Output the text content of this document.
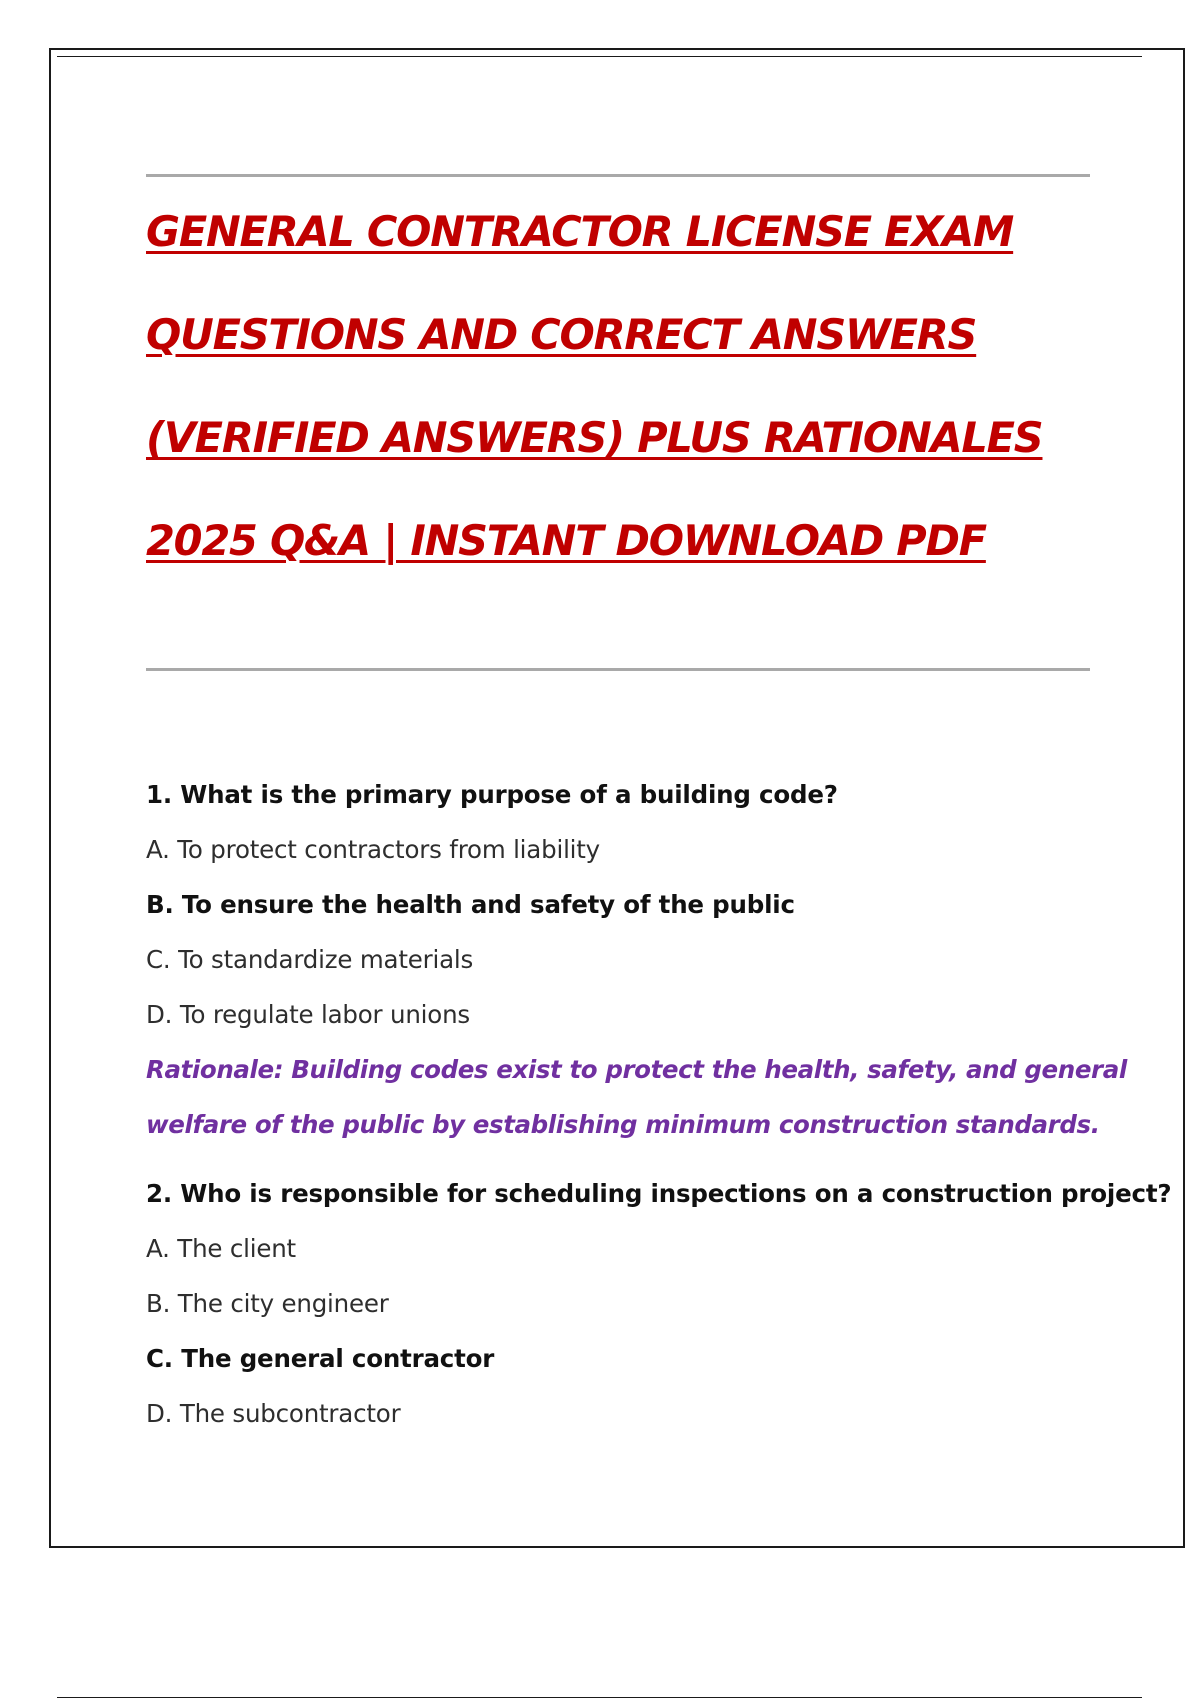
GENERAL CONTRACTOR LICENSE EXAM
QUESTIONS AND CORRECT ANSWERS
(VERIFIED ANSWERS) PLUS RATIONALES
2025 Q&A | INSTANT DOWNLOAD PDF
1. What is the primary purpose of a building code?
A. To protect contractors from liability
B. To ensure the health and safety of the public
C. To standardize materials
D. To regulate labor unions
Rationale: Building codes exist to protect the health, safety, and general
welfare of the public by establishing minimum construction standards.
2. Who is responsible for scheduling inspections on a construction project?
A. The client
B. The city engineer
C. The general contractor
D. The subcontractor
